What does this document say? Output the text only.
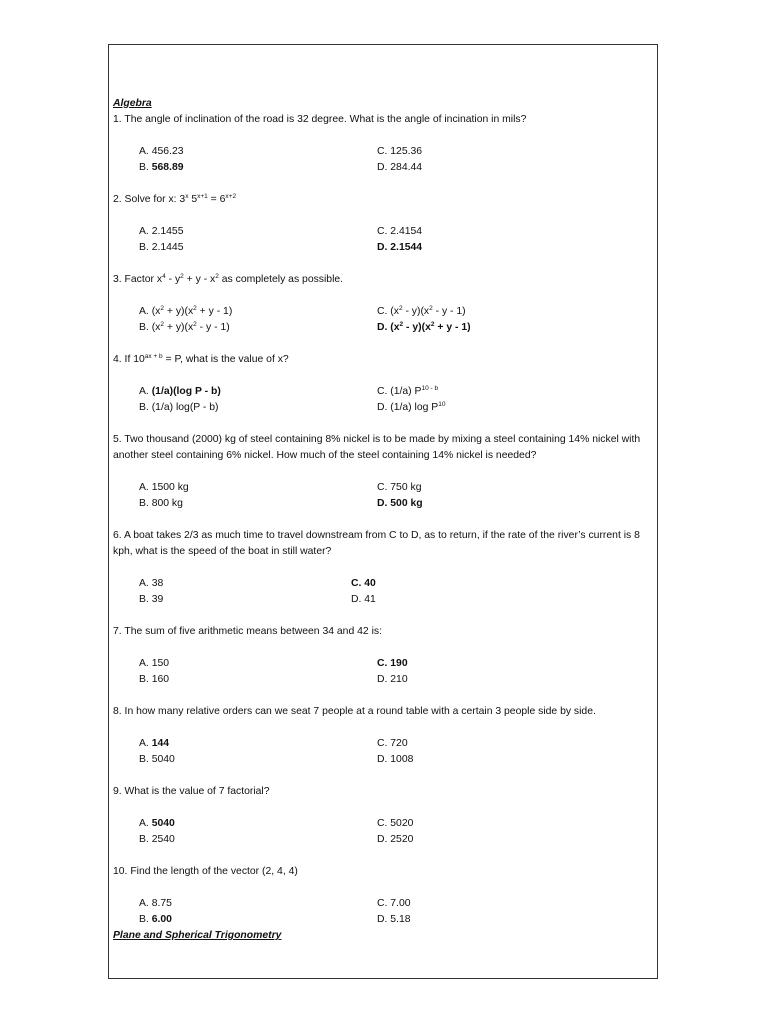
Algebra

1. The angle of inclination of the road is 32 degree. What is the angle of incination in mils?

A. 456.23
B. 568.89
C. 125.36
D. 284.44

2. Solve for x: 3$^x$ $5^{x+1} = 6^{x+2}$

A. 2.1455
B. 2.1445
C. 2.4154
D. 2.1544

3. Factor $x^4 - y^2 + y - x^2$ as completely as possible.

A. $(x^2 + y)(x^2 + y - 1)$
B. $(x^2 + y)(x^2 - y - 1)$
C. $(x^2 - y)(x^2$ - y - 1)
D. $(x^2 - y)(x^2 + y - 1)$

4. If $10^{ax + b} = P$, what is the value of x?

A. (1/a)(log P - b)
B. (1/a) log(P - b)
C. (1/a) $P^{10 - b}$
D. (1/a) $\log P^{10}$

5. Two thousand (2000) kg of steel containing 8% nickel is to be made by mixing a steel containing 14% nickel with another steel containing 6% nickel. How much of the steel containing 14% nickel is needed?

A. 1500 kg
B. 800 kg
C. 750 kg
D. 500 kg

6. A boat takes 2/3 as much time to travel downstream from C to D, as to return, if the rate of the river’s current is 8 kph, what is the speed of the boat in still water?

A. 38
B. 39
C. 40
D. 41

7. The sum of five arithmetic means between 34 and 42 is:

A. 150
B. 160
C. 190
D. 210

8. In how many relative orders can we seat 7 people at a round table with a certain 3 people side by side.

A. 144
B. 5040
C. 720
D. 1008

9. What is the value of 7 factorial?

A. 5040
B. 2540
C. 5020
D. 2520

10. Find the length of the vector (2, 4, 4)

A. 8.75
B. 6.00
C. 7.00
D. 5.18
Plane and Spherical Trigonometry
